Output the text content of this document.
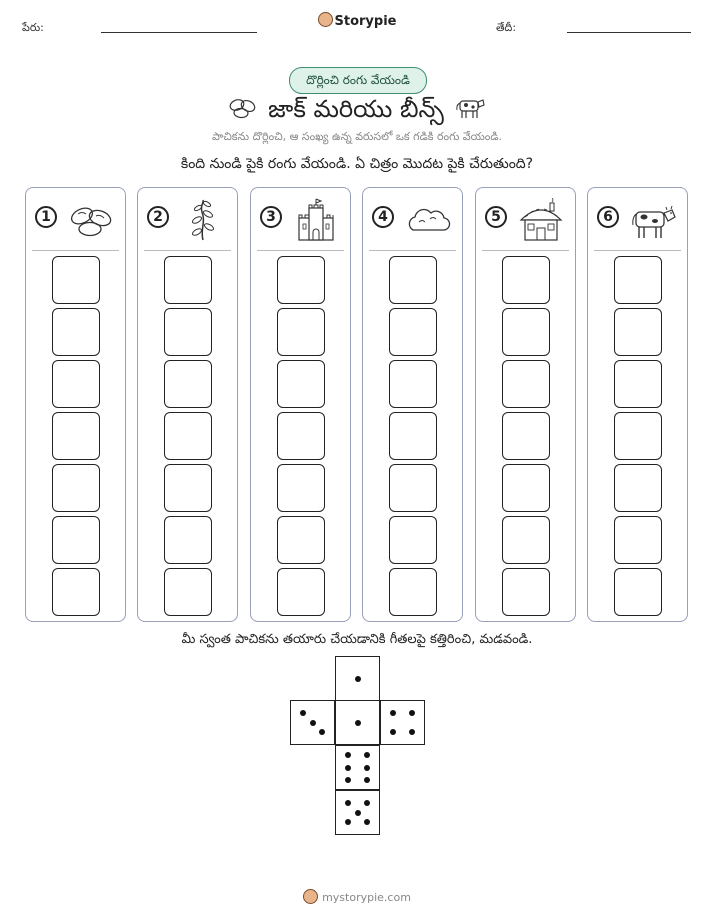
పేరు:	Storypie	తేదీ:
దొర్లించి రంగు వేయండి
జాక్ మరియు బీన్స్
పాచికను దొర్లించి, ఆ సంఖ్య ఉన్న వరుసలో ఒక గడికి రంగు వేయండి.
కింది నుండి పైకి రంగు వేయండి. ఏ చిత్రం మొదట పైకి చేరుతుంది?
1	2	3	4	5	6
మీ స్వంత పాచికను తయారు చేయడానికి గీతలపై కత్తిరించి, మడవండి.
mystorypie.com
